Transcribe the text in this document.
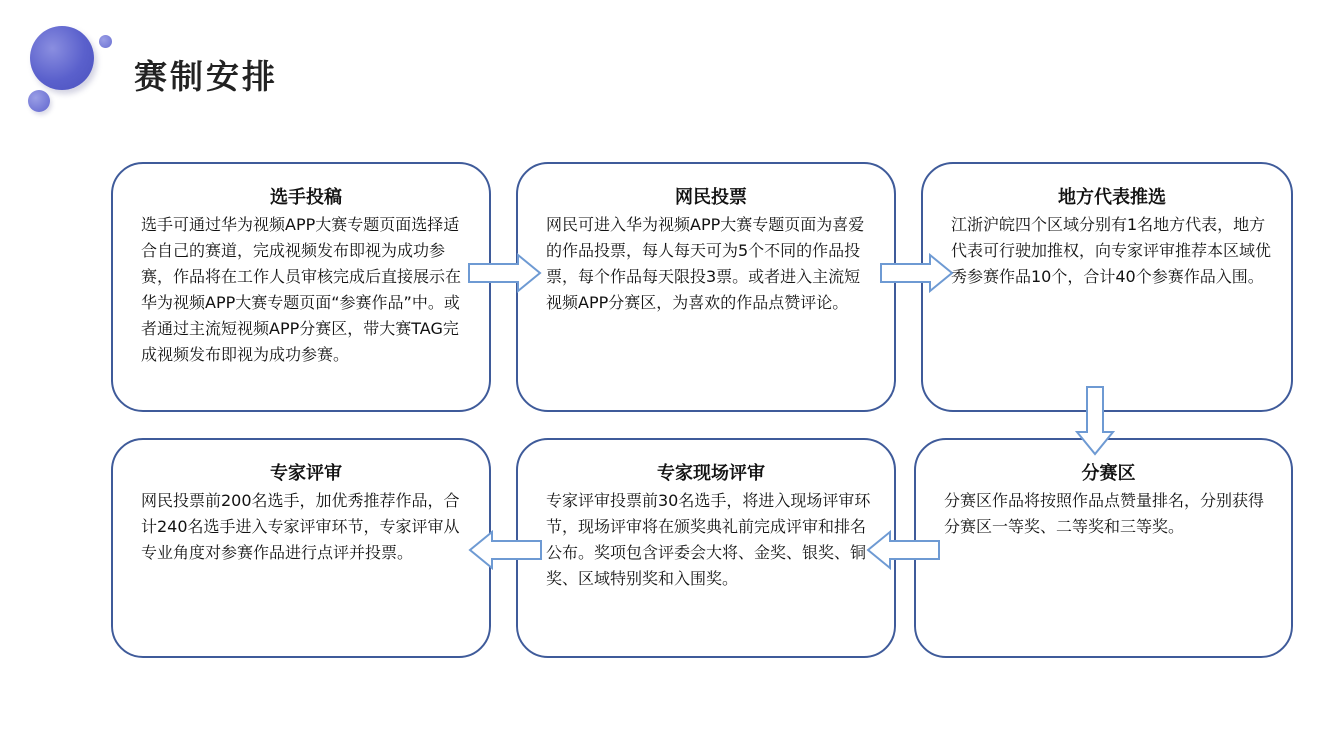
赛制安排
选手投稿

选手可通过华为视频APP大赛专题页面选择适合自己的赛道，完成视频发布即视为成功参赛，作品将在工作人员审核完成后直接展示在华为视频APP大赛专题页面“参赛作品”中。或者通过主流短视频APP分赛区，带大赛TAG完成视频发布即视为成功参赛。

网民投票

网民可进入华为视频APP大赛专题页面为喜爱的作品投票，每人每天可为5个不同的作品投票，每个作品每天限投3票。或者进入主流短视频APP分赛区，为喜欢的作品点赞评论。

地方代表推选

江浙沪皖四个区域分别有1名地方代表，地方代表可行驶加推权，向专家评审推荐本区域优秀参赛作品10个，合计40个参赛作品入围。

专家评审

网民投票前200名选手，加优秀推荐作品，合计240名选手进入专家评审环节，专家评审从专业角度对参赛作品进行点评并投票。

专家现场评审

专家评审投票前30名选手，将进入现场评审环节，现场评审将在颁奖典礼前完成评审和排名公布。奖项包含评委会大将、金奖、银奖、铜奖、区域特别奖和入围奖。

分赛区

分赛区作品将按照作品点赞量排名，分别获得分赛区一等奖、二等奖和三等奖。
